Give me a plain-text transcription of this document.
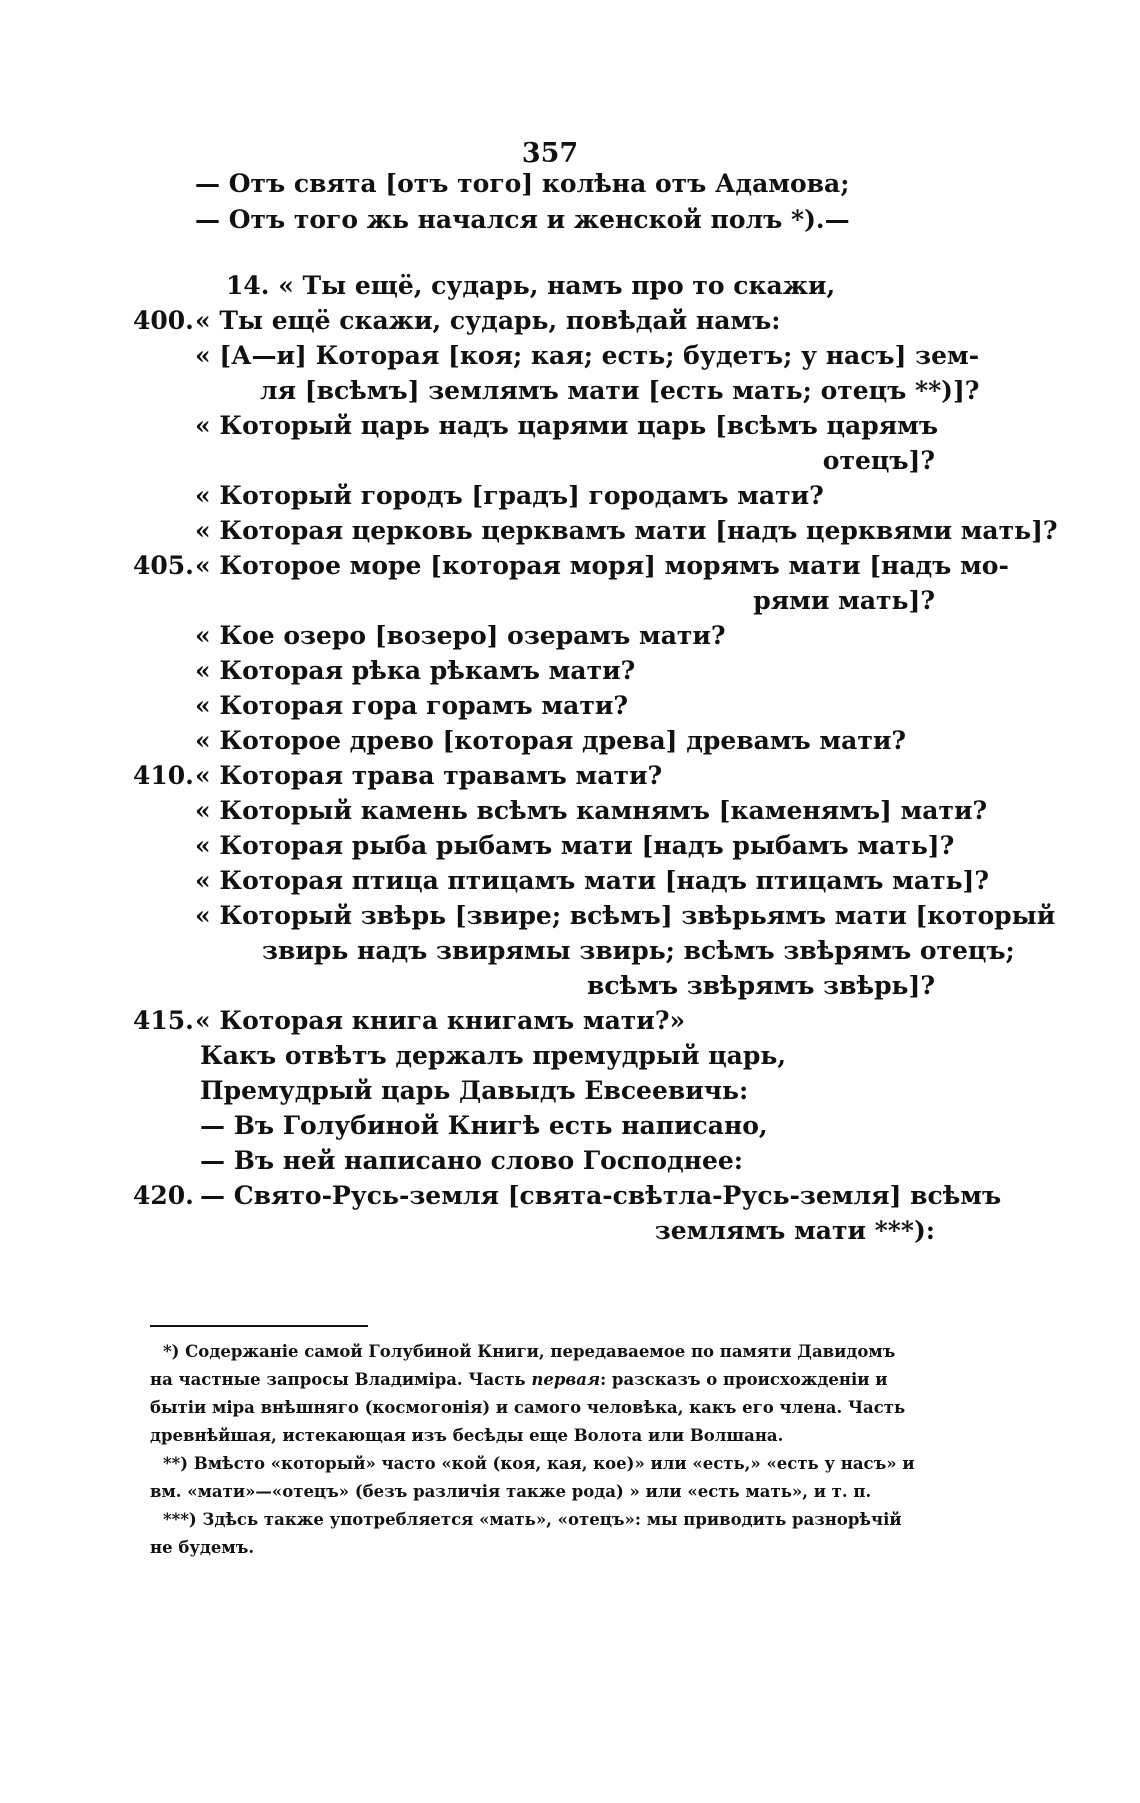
357
— Отъ свята [отъ того] колѣна отъ Адамова;
— Отъ того жь начался и женской полъ *).—
14. « Ты ещё, сударь, намъ про то скажи,
400. « Ты ещё скажи, сударь, повѣдай намъ:
« [А—и] Которая [коя; кая; есть; будетъ; у насъ] зем-
ля [всѣмъ] землямъ мати [есть мать; отецъ **)]?
« Который царь надъ царями царь [всѣмъ царямъ
отецъ]?
« Который городъ [градъ] городамъ мати?
« Которая церковь церквамъ мати [надъ церквями мать]?
405. « Которое море [которая моря] морямъ мати [надъ мо-
рями мать]?
« Кое озеро [возеро] озерамъ мати?
« Которая рѣка рѣкамъ мати?
« Которая гора горамъ мати?
« Которое древо [которая древа] древамъ мати?
410. « Которая трава травамъ мати?
« Который камень всѣмъ камнямъ [каменямъ] мати?
« Которая рыба рыбамъ мати [надъ рыбамъ мать]?
« Которая птица птицамъ мати [надъ птицамъ мать]?
« Который звѣрь [звире; всѣмъ] звѣрьямъ мати [который
звирь надъ звирямы звирь; всѣмъ звѣрямъ отецъ;
всѣмъ звѣрямъ звѣрь]?
415. « Которая книга книгамъ мати?»
Какъ отвѣтъ держалъ премудрый царь,
Премудрый царь Давыдъ Евсеевичь:
— Въ Голубиной Книгѣ есть написано,
— Въ ней написано слово Господнее:
420. — Свято-Русь-земля [свята-свѣтла-Русь-земля] всѣмъ
землямъ мати ***):
*) Содержаніе самой Голубиной Книги, передаваемое по памяти Давидомъ
на частные запросы Владиміра. Часть первая: разсказъ о происхожденіи и
бытіи міра внѣшняго (космогонія) и самого человѣка, какъ его члена. Часть
древнѣйшая, истекающая изъ бесѣды еще Волота или Волшана.
**) Вмѣсто «который» часто «кой (коя, кая, кое)» или «есть,» «есть у насъ» и
вм. «мати»—«отецъ» (безъ различія также рода) » или «есть мать», и т. п.
***) Здѣсь также употребляется «мать», «отецъ»: мы приводить разнорѣчій
не будемъ.
